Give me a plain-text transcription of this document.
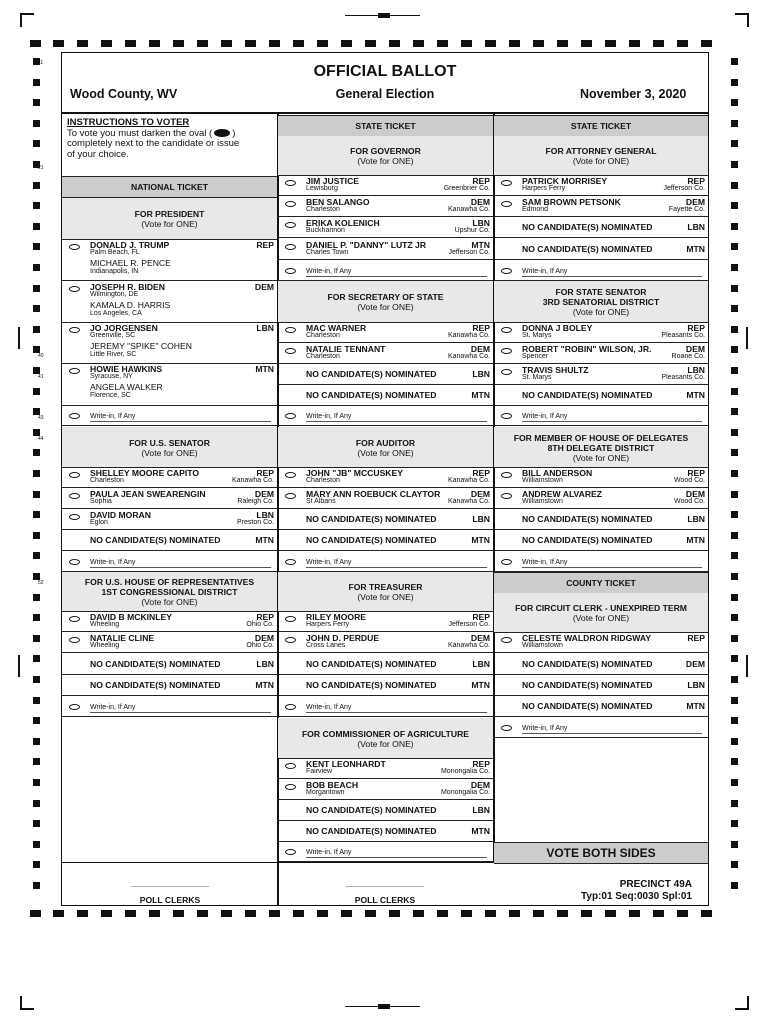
11
21
40
41
43
44
52
OFFICIAL BALLOT
Wood County, WV	General Election	November 3, 2020
INSTRUCTIONS TO VOTER
To vote you must darken the oval ( )
completely next to the candidate or issue
of your choice.
NATIONAL TICKET
STATE TICKET	STATE TICKET
COUNTY TICKET
VOTE BOTH SIDES
FOR PRESIDENT
(Vote for ONE)
FOR U.S. SENATOR
(Vote for ONE)
FOR U.S. HOUSE OF REPRESENTATIVES
1ST CONGRESSIONAL DISTRICT
(Vote for ONE)
FOR GOVERNOR
(Vote for ONE)
FOR SECRETARY OF STATE
(Vote for ONE)
FOR AUDITOR
(Vote for ONE)
FOR TREASURER
(Vote for ONE)
FOR COMMISSIONER OF AGRICULTURE
(Vote for ONE)
FOR ATTORNEY GENERAL
(Vote for ONE)
FOR STATE SENATOR
3RD SENATORIAL DISTRICT
(Vote for ONE)
FOR MEMBER OF HOUSE OF DELEGATES
8TH DELEGATE DISTRICT
(Vote for ONE)
FOR CIRCUIT CLERK - UNEXPIRED TERM
(Vote for ONE)
DONALD J. TRUMP	REP
Palm Beach, FL
MICHAEL R. PENCE
Indianapolis, IN
JOSEPH R. BIDEN	DEM
Wilmington, DE
KAMALA D. HARRIS
Los Angeles, CA
JO JORGENSEN	LBN
Greenville, SC
JEREMY "SPIKE" COHEN
Little River, SC
HOWIE HAWKINS	MTN
Syracuse, NY
ANGELA WALKER
Florence, SC
Write-in, If Any
SHELLEY MOORE CAPITO	REP
Charleston	Kanawha Co.
PAULA JEAN SWEARENGIN	DEM
Sophia	Raleigh Co.
DAVID MORAN	LBN
Eglon	Preston Co.
NO CANDIDATE(S) NOMINATED	MTN
Write-in, If Any
DAVID B MCKINLEY	REP
Wheeling	Ohio Co.
NATALIE CLINE	DEM
Wheeling	Ohio Co.
NO CANDIDATE(S) NOMINATED	LBN
NO CANDIDATE(S) NOMINATED	MTN
Write-in, If Any
JIM JUSTICE	REP
Lewisburg	Greenbrier Co.
BEN SALANGO	DEM
Charleston	Kanawha Co.
ERIKA KOLENICH	LBN
Buckhannon	Upshur Co.
DANIEL P. "DANNY" LUTZ JR	MTN
Charles Town	Jefferson Co.
Write-in, If Any
MAC WARNER	REP
Charleston	Kanawha Co.
NATALIE TENNANT	DEM
Charleston	Kanawha Co.
NO CANDIDATE(S) NOMINATED	LBN
NO CANDIDATE(S) NOMINATED	MTN
Write-in, If Any
JOHN "JB" MCCUSKEY	REP
Charleston	Kanawha Co.
MARY ANN ROEBUCK CLAYTOR	DEM
St Albans	Kanawha Co.
NO CANDIDATE(S) NOMINATED	LBN
NO CANDIDATE(S) NOMINATED	MTN
Write-in, If Any
RILEY MOORE	REP
Harpers Ferry	Jefferson Co.
JOHN D. PERDUE	DEM
Cross Lanes	Kanawha Co.
NO CANDIDATE(S) NOMINATED	LBN
NO CANDIDATE(S) NOMINATED	MTN
Write-in, If Any
KENT LEONHARDT	REP
Fairview	Monongalia Co.
BOB BEACH	DEM
Morgantown	Monongalia Co.
NO CANDIDATE(S) NOMINATED	LBN
NO CANDIDATE(S) NOMINATED	MTN
Write-in, If Any
PATRICK MORRISEY	REP
Harpers Ferry	Jefferson Co.
SAM BROWN PETSONK	DEM
Edmond	Fayette Co.
NO CANDIDATE(S) NOMINATED	LBN
NO CANDIDATE(S) NOMINATED	MTN
Write-in, If Any
DONNA J BOLEY	REP
St. Marys	Pleasants Co.
ROBERT "ROBIN" WILSON, JR.	DEM
Spencer	Roane Co.
TRAVIS SHULTZ	LBN
St. Marys	Pleasants Co.
NO CANDIDATE(S) NOMINATED	MTN
Write-in, If Any
BILL ANDERSON	REP
Williamstown	Wood Co.
ANDREW ALVAREZ	DEM
Williamstown	Wood Co.
NO CANDIDATE(S) NOMINATED	LBN
NO CANDIDATE(S) NOMINATED	MTN
Write-in, If Any
CELESTE WALDRON RIDGWAY	REP
Williamstown
NO CANDIDATE(S) NOMINATED	DEM
NO CANDIDATE(S) NOMINATED	LBN
NO CANDIDATE(S) NOMINATED	MTN
Write-in, If Any
____________________
POLL CLERKS
____________________
POLL CLERKS
PRECINCT 49A
Typ:01 Seq:0030 Spl:01
